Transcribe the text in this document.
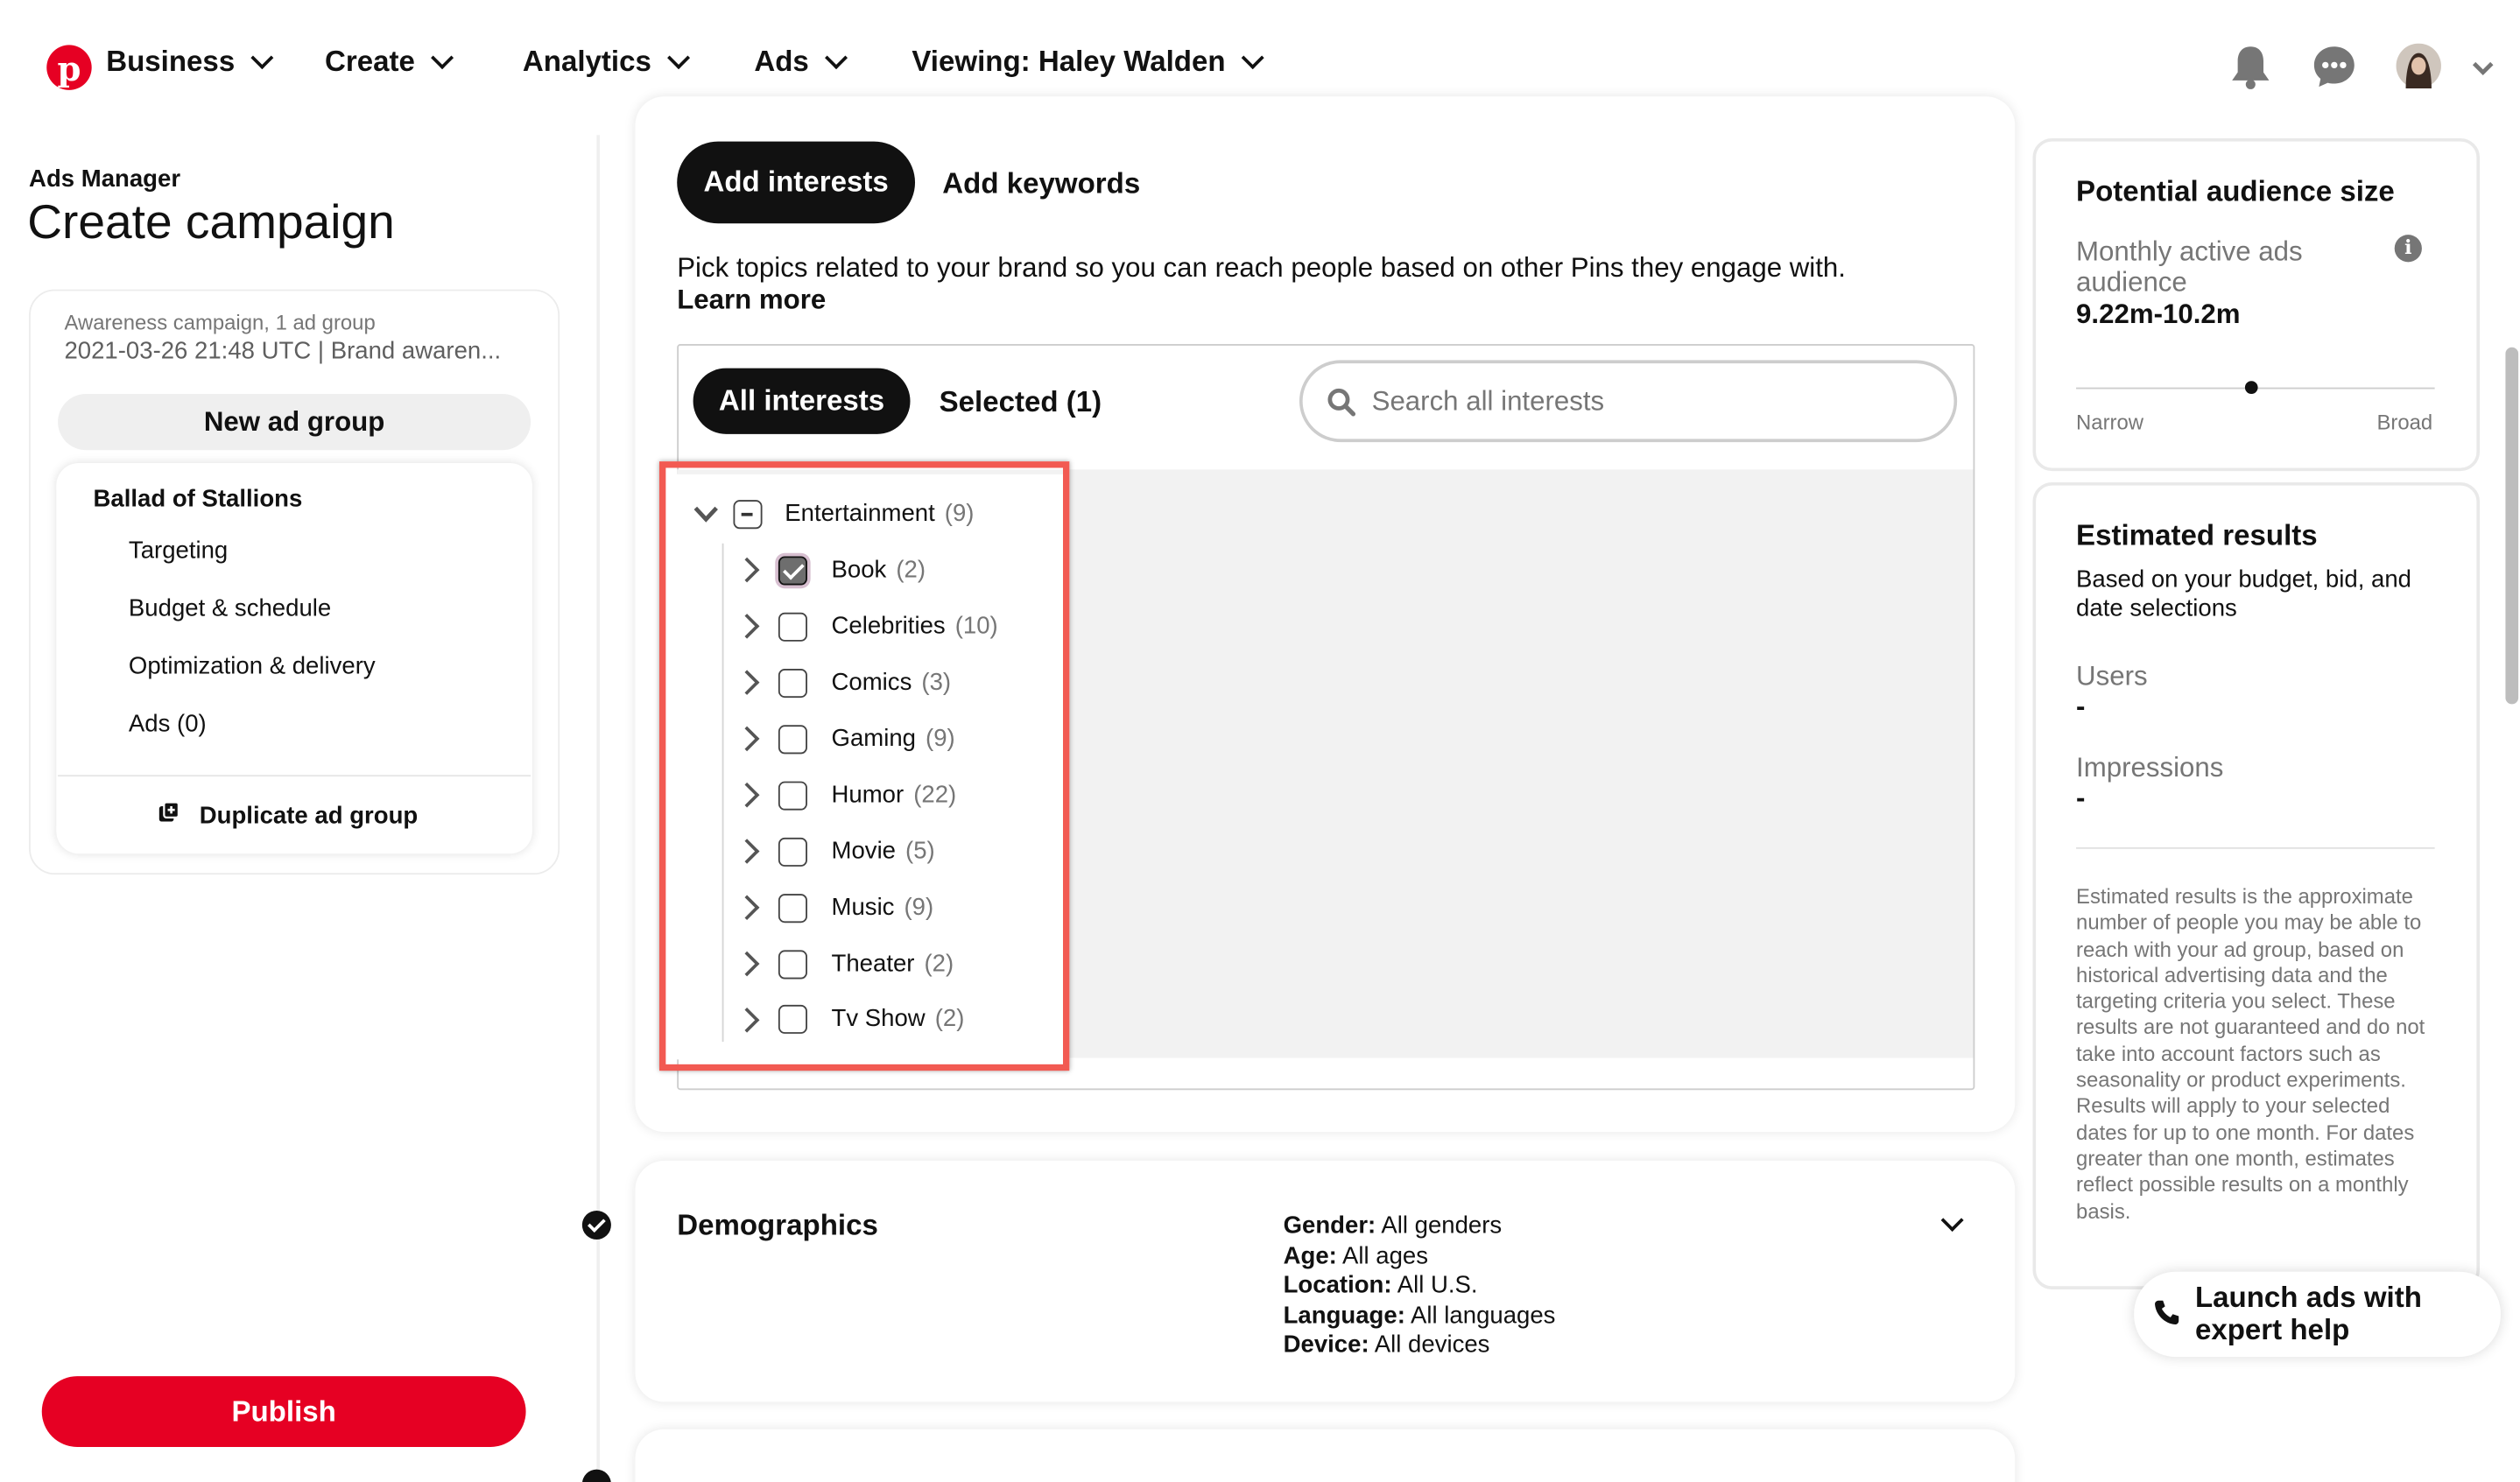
p Business	Create	Analytics	Ads	Viewing: Haley Walden
Ads Manager
Create campaign
Awareness campaign, 1 ad group
2021-03-26 21:48 UTC | Brand awaren...
New ad group
Ballad of Stallions
Targeting
Budget & schedule
Optimization & delivery
Ads (0)
Duplicate ad group
Publish
Add interests	Add keywords
Pick topics related to your brand so you can reach people based on other Pins they engage with.
Learn more
All interests	Selected (1)	Search all interests
Entertainment (9)
Book (2)
Celebrities (10)
Comics (3)
Gaming (9)
Humor (22)
Movie (5)
Music (9)
Theater (2)
Tv Show (2)
Demographics	Gender: All genders
Age: All ages
Location: All U.S.
Language: All languages
Device: All devices
Potential audience size
Monthly active ads audience
i
9.22m-10.2m
Narrow	Broad
Estimated results
Based on your budget, bid, and date selections
Users
-
Impressions
-
Estimated results is the approximate number of people you may be able to reach with your ad group, based on historical advertising data and the targeting criteria you select. These results are not guaranteed and do not take into account factors such as seasonality or product experiments. Results will apply to your selected dates for up to one month. For dates greater than one month, estimates reflect possible results on a monthly basis.
Launch ads with expert help
